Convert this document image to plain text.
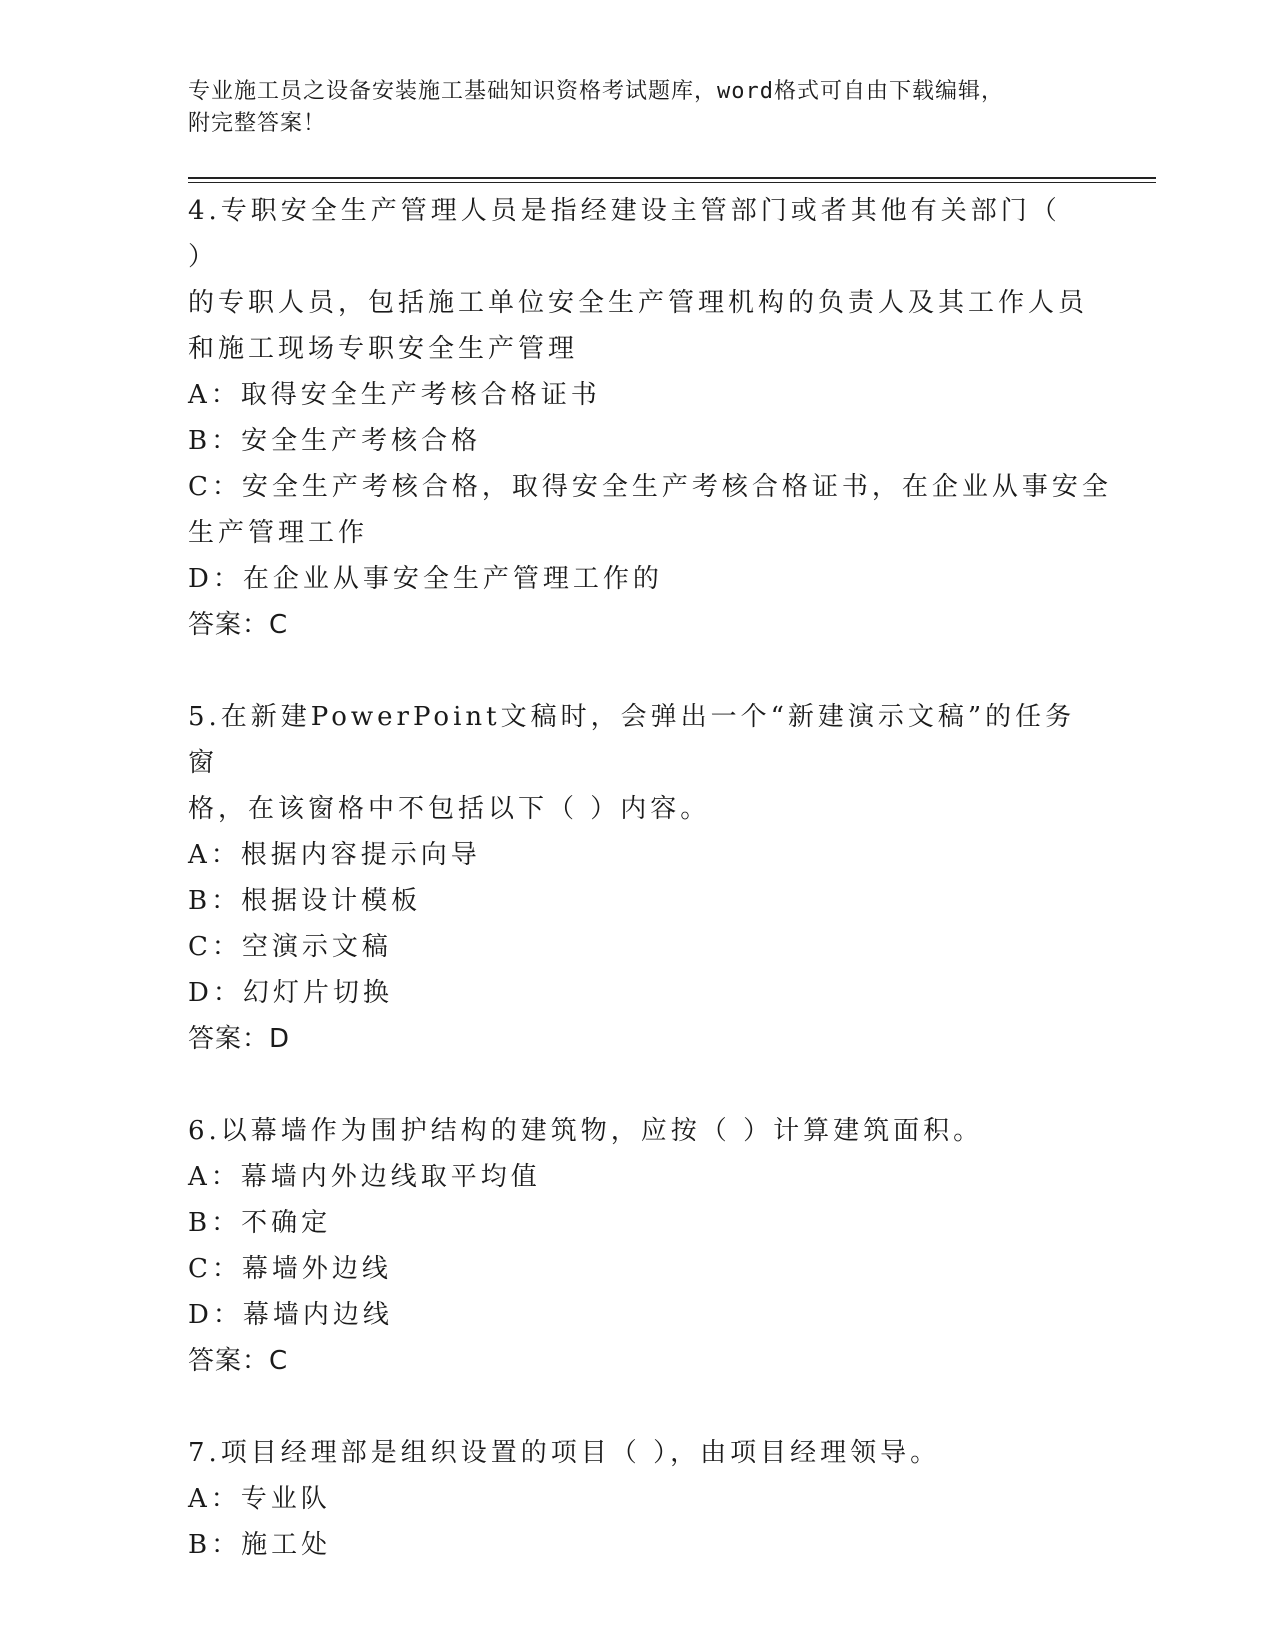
专业施工员之设备安装施工基础知识资格考试题库，word格式可自由下载编辑，
附完整答案！
4.专职安全生产管理人员是指经建设主管部门或者其他有关部门（ ）
的专职人员，包括施工单位安全生产管理机构的负责人及其工作人员
和施工现场专职安全生产管理
A：取得安全生产考核合格证书
B：安全生产考核合格
C：安全生产考核合格，取得安全生产考核合格证书，在企业从事安全
生产管理工作
D：在企业从事安全生产管理工作的
答案：C
5.在新建PowerPoint文稿时，会弹出一个“新建演示文稿”的任务窗
格，在该窗格中不包括以下（ ）内容。
A：根据内容提示向导
B：根据设计模板
C：空演示文稿
D：幻灯片切换
答案：D
6.以幕墙作为围护结构的建筑物，应按（ ）计算建筑面积。
A：幕墙内外边线取平均值
B：不确定
C：幕墙外边线
D：幕墙内边线
答案：C
7.项目经理部是组织设置的项目（ ），由项目经理领导。
A：专业队
B：施工处
